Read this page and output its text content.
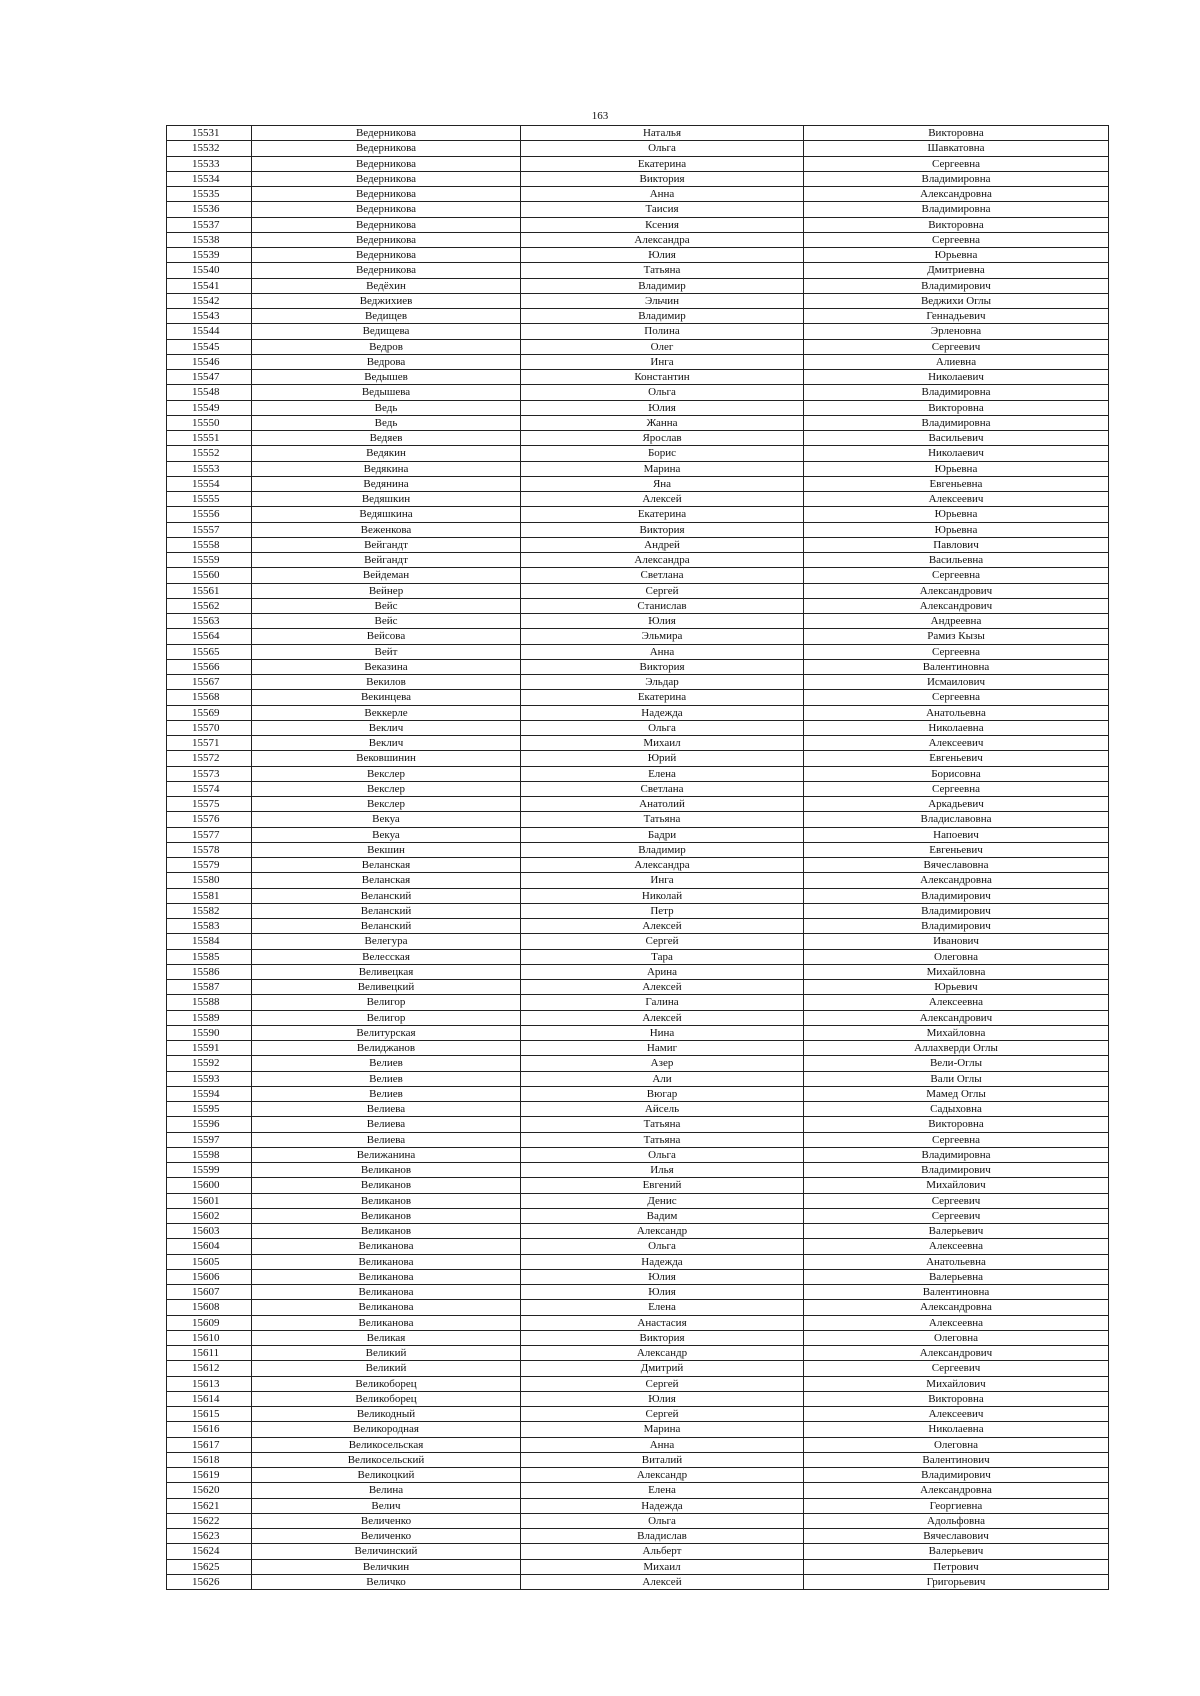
163
15531	Ведерникова	Наталья	Викторовна
15532	Ведерникова	Ольга	Шавкатовна
15533	Ведерникова	Екатерина	Сергеевна
15534	Ведерникова	Виктория	Владимировна
15535	Ведерникова	Анна	Александровна
15536	Ведерникова	Таисия	Владимировна
15537	Ведерникова	Ксения	Викторовна
15538	Ведерникова	Александра	Сергеевна
15539	Ведерникова	Юлия	Юрьевна
15540	Ведерникова	Татьяна	Дмитриевна
15541	Ведёхин	Владимир	Владимирович
15542	Веджихиев	Эльчин	Веджихи Оглы
15543	Ведищев	Владимир	Геннадьевич
15544	Ведищева	Полина	Эрленовна
15545	Ведров	Олег	Сергеевич
15546	Ведрова	Инга	Алиевна
15547	Ведышев	Константин	Николаевич
15548	Ведышева	Ольга	Владимировна
15549	Ведь	Юлия	Викторовна
15550	Ведь	Жанна	Владимировна
15551	Ведяев	Ярослав	Васильевич
15552	Ведякин	Борис	Николаевич
15553	Ведякина	Марина	Юрьевна
15554	Ведянина	Яна	Евгеньевна
15555	Ведяшкин	Алексей	Алексеевич
15556	Ведяшкина	Екатерина	Юрьевна
15557	Веженкова	Виктория	Юрьевна
15558	Вейгандт	Андрей	Павлович
15559	Вейгандт	Александра	Васильевна
15560	Вейдеман	Светлана	Сергеевна
15561	Вейнер	Сергей	Александрович
15562	Вейс	Станислав	Александрович
15563	Вейс	Юлия	Андреевна
15564	Вейсова	Эльмира	Рамиз Кызы
15565	Вейт	Анна	Сергеевна
15566	Веказина	Виктория	Валентиновна
15567	Векилов	Эльдар	Исмаилович
15568	Векинцева	Екатерина	Сергеевна
15569	Веккерле	Надежда	Анатольевна
15570	Веклич	Ольга	Николаевна
15571	Веклич	Михаил	Алексеевич
15572	Вековшинин	Юрий	Евгеньевич
15573	Векслер	Елена	Борисовна
15574	Векслер	Светлана	Сергеевна
15575	Векслер	Анатолий	Аркадьевич
15576	Векуа	Татьяна	Владиславовна
15577	Векуа	Бадри	Напоевич
15578	Векшин	Владимир	Евгеньевич
15579	Веланская	Александра	Вячеславовна
15580	Веланская	Инга	Александровна
15581	Веланский	Николай	Владимирович
15582	Веланский	Петр	Владимирович
15583	Веланский	Алексей	Владимирович
15584	Велегура	Сергей	Иванович
15585	Велесская	Тара	Олеговна
15586	Веливецкая	Арина	Михайловна
15587	Веливецкий	Алексей	Юрьевич
15588	Велигор	Галина	Алексеевна
15589	Велигор	Алексей	Александрович
15590	Велитурская	Нина	Михайловна
15591	Велиджанов	Намиг	Аллахверди Оглы
15592	Велиев	Азер	Вели-Оглы
15593	Велиев	Али	Вали Оглы
15594	Велиев	Вюгар	Мамед Оглы
15595	Велиева	Айсель	Садыховна
15596	Велиева	Татьяна	Викторовна
15597	Велиева	Татьяна	Сергеевна
15598	Велижанина	Ольга	Владимировна
15599	Великанов	Илья	Владимирович
15600	Великанов	Евгений	Михайлович
15601	Великанов	Денис	Сергеевич
15602	Великанов	Вадим	Сергеевич
15603	Великанов	Александр	Валерьевич
15604	Великанова	Ольга	Алексеевна
15605	Великанова	Надежда	Анатольевна
15606	Великанова	Юлия	Валерьевна
15607	Великанова	Юлия	Валентиновна
15608	Великанова	Елена	Александровна
15609	Великанова	Анастасия	Алексеевна
15610	Великая	Виктория	Олеговна
15611	Великий	Александр	Александрович
15612	Великий	Дмитрий	Сергеевич
15613	Великоборец	Сергей	Михайлович
15614	Великоборец	Юлия	Викторовна
15615	Великодный	Сергей	Алексеевич
15616	Великородная	Марина	Николаевна
15617	Великосельская	Анна	Олеговна
15618	Великосельский	Виталий	Валентинович
15619	Великоцкий	Александр	Владимирович
15620	Велина	Елена	Александровна
15621	Велич	Надежда	Георгиевна
15622	Величенко	Ольга	Адольфовна
15623	Величенко	Владислав	Вячеславович
15624	Величинский	Альберт	Валерьевич
15625	Величкин	Михаил	Петрович
15626	Величко	Алексей	Григорьевич
